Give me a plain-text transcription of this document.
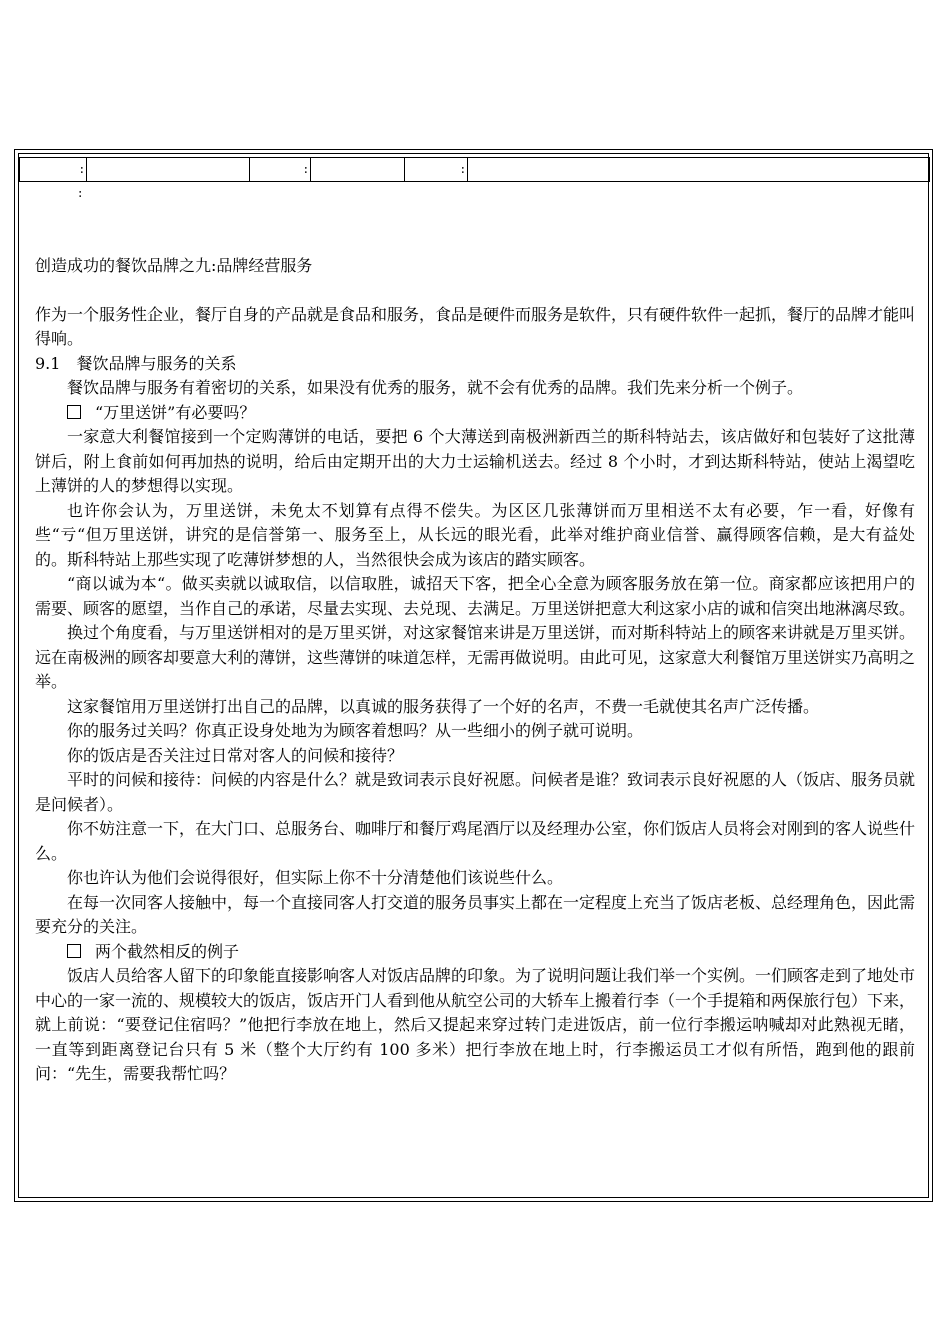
:		:		:

:

创造成功的餐饮品牌之九:品牌经营服务

作为一个服务性企业，餐厅自身的产品就是食品和服务，食品是硬件而服务是软件，只有硬件软件一起抓，餐厅的品牌才能叫得响。

9.1　餐饮品牌与服务的关系

餐饮品牌与服务有着密切的关系，如果没有优秀的服务，就不会有优秀的品牌。我们先来分析一个例子。

“万里送饼”有必要吗？

一家意大利餐馆接到一个定购薄饼的电话，要把 6 个大薄送到南极洲新西兰的斯科特站去，该店做好和包装好了这批薄饼后，附上食前如何再加热的说明，给后由定期开出的大力士运输机送去。经过 8 个小时，才到达斯科特站，使站上渴望吃上薄饼的人的梦想得以实现。

也许你会认为，万里送饼，未免太不划算有点得不偿失。为区区几张薄饼而万里相送不太有必要，乍一看，好像有些“亏“但万里送饼，讲究的是信誉第一、服务至上，从长远的眼光看，此举对维护商业信誉、赢得顾客信赖，是大有益处的。斯科特站上那些实现了吃薄饼梦想的人，当然很快会成为该店的踏实顾客。

“商以诚为本“。做买卖就以诚取信，以信取胜，诚招天下客，把全心全意为顾客服务放在第一位。商家都应该把用户的需要、顾客的愿望，当作自己的承诺，尽量去实现、去兑现、去满足。万里送饼把意大利这家小店的诚和信突出地淋漓尽致。

换过个角度看，与万里送饼相对的是万里买饼，对这家餐馆来讲是万里送饼，而对斯科特站上的顾客来讲就是万里买饼。远在南极洲的顾客却要意大利的薄饼，这些薄饼的味道怎样，无需再做说明。由此可见，这家意大利餐馆万里送饼实乃高明之举。

这家餐馆用万里送饼打出自己的品牌，以真诚的服务获得了一个好的名声，不费一毛就使其名声广泛传播。

你的服务过关吗？你真正设身处地为为顾客着想吗？从一些细小的例子就可说明。

你的饭店是否关注过日常对客人的问候和接待？

平时的问候和接待：问候的内容是什么？就是致词表示良好祝愿。问候者是谁？致词表示良好祝愿的人（饭店、服务员就是问候者）。

你不妨注意一下，在大门口、总服务台、咖啡厅和餐厅鸡尾酒厅以及经理办公室，你们饭店人员将会对刚到的客人说些什么。

你也许认为他们会说得很好，但实际上你不十分清楚他们该说些什么。

在每一次同客人接触中，每一个直接同客人打交道的服务员事实上都在一定程度上充当了饭店老板、总经理角色，因此需要充分的关注。

两个截然相反的例子

饭店人员给客人留下的印象能直接影响客人对饭店品牌的印象。为了说明问题让我们举一个实例。一们顾客走到了地处市中心的一家一流的、规模较大的饭店，饭店开门人看到他从航空公司的大轿车上搬着行李（一个手提箱和两保旅行包）下来，就上前说：“要登记住宿吗？”他把行李放在地上，然后又提起来穿过转门走进饭店，前一位行李搬运呐喊却对此熟视无睹，一直等到距离登记台只有 5 米（整个大厅约有 100 多米）把行李放在地上时，行李搬运员工才似有所悟，跑到他的跟前问：“先生，需要我帮忙吗？
